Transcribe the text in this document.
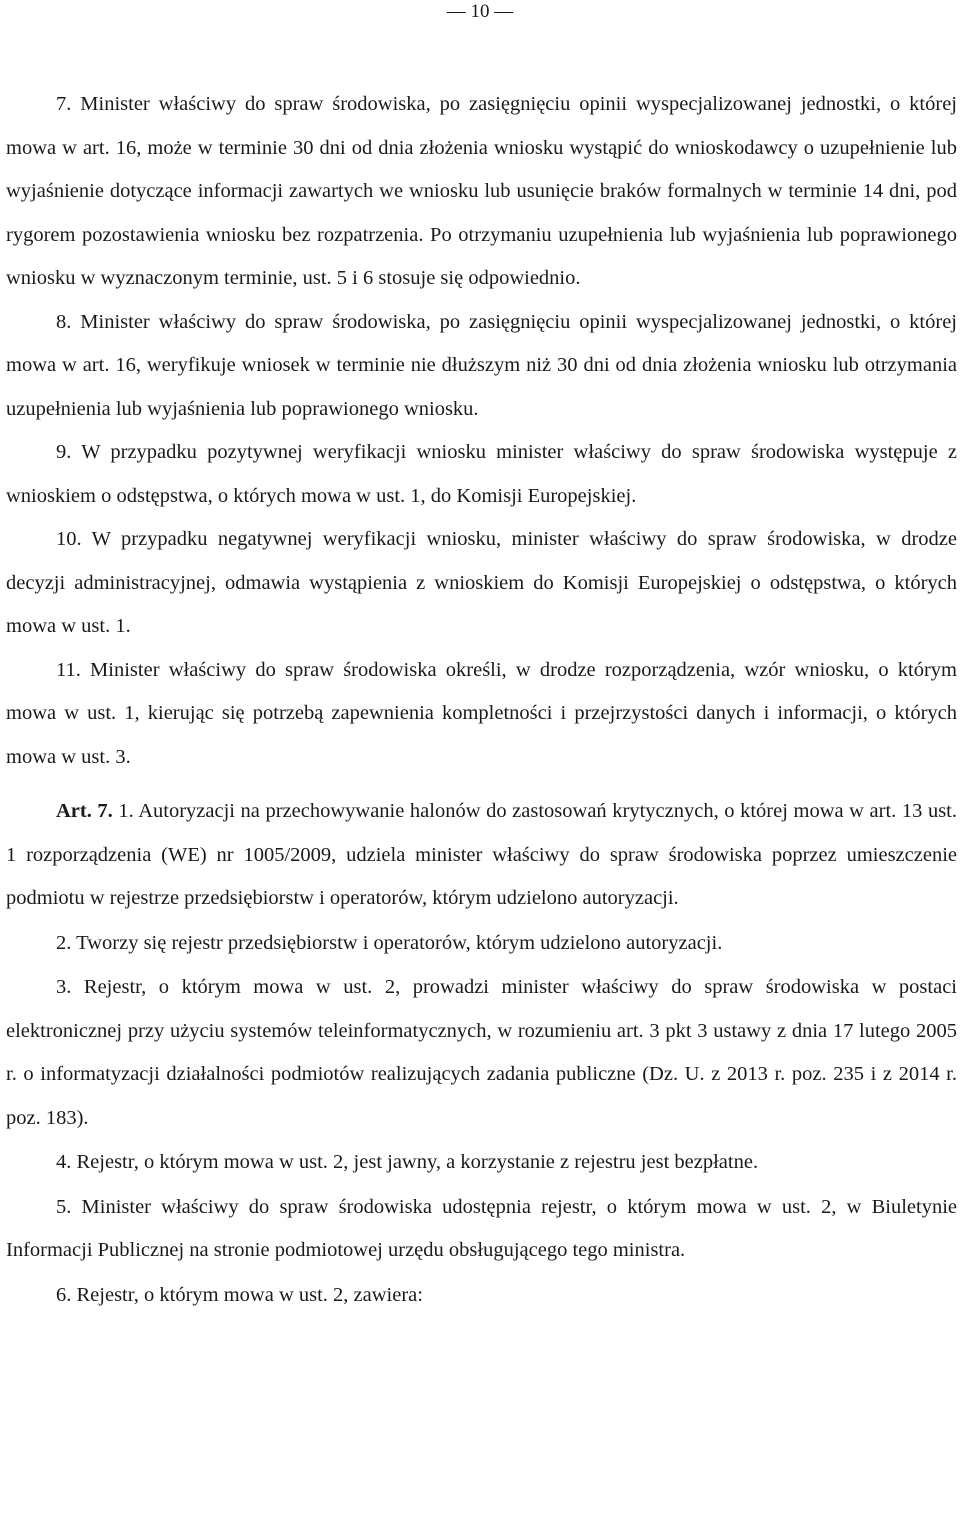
— 10 —

7. Minister właściwy do spraw środowiska, po zasięgnięciu opinii wyspecjalizowanej jednostki, o której mowa w art. 16, może w terminie 30 dni od dnia złożenia wniosku wystąpić do wnioskodawcy o uzupełnienie lub wyjaśnienie dotyczące informacji zawartych we wniosku lub usunięcie braków formalnych w terminie 14 dni, pod rygorem pozostawienia wniosku bez rozpatrzenia. Po otrzymaniu uzupełnienia lub wyjaśnienia lub poprawionego wniosku w wyznaczonym terminie, ust. 5 i 6 stosuje się odpowiednio.

8. Minister właściwy do spraw środowiska, po zasięgnięciu opinii wyspecjalizowanej jednostki, o której mowa w art. 16, weryfikuje wniosek w terminie nie dłuższym niż 30 dni od dnia złożenia wniosku lub otrzymania uzupełnienia lub wyjaśnienia lub poprawionego wniosku.

9. W przypadku pozytywnej weryfikacji wniosku minister właściwy do spraw środowiska występuje z wnioskiem o odstępstwa, o których mowa w ust. 1, do Komisji Europejskiej.

10. W przypadku negatywnej weryfikacji wniosku, minister właściwy do spraw środowiska, w drodze decyzji administracyjnej, odmawia wystąpienia z wnioskiem do Komisji Europejskiej o odstępstwa, o których mowa w ust. 1.

11. Minister właściwy do spraw środowiska określi, w drodze rozporządzenia, wzór wniosku, o którym mowa w ust. 1, kierując się potrzebą zapewnienia kompletności i przejrzystości danych i informacji, o których mowa w ust. 3.

Art. 7. 1. Autoryzacji na przechowywanie halonów do zastosowań krytycznych, o której mowa w art. 13 ust. 1 rozporządzenia (WE) nr 1005/2009, udziela minister właściwy do spraw środowiska poprzez umieszczenie podmiotu w rejestrze przedsiębiorstw i operatorów, którym udzielono autoryzacji.

2. Tworzy się rejestr przedsiębiorstw i operatorów, którym udzielono autoryzacji.

3. Rejestr, o którym mowa w ust. 2, prowadzi minister właściwy do spraw środowiska w postaci elektronicznej przy użyciu systemów teleinformatycznych, w rozumieniu art. 3 pkt 3 ustawy z dnia 17 lutego 2005 r. o informatyzacji działalności podmiotów realizujących zadania publiczne (Dz. U. z 2013 r. poz. 235 i z 2014 r. poz. 183).

4. Rejestr, o którym mowa w ust. 2, jest jawny, a korzystanie z rejestru jest bezpłatne.

5. Minister właściwy do spraw środowiska udostępnia rejestr, o którym mowa w ust. 2, w Biuletynie Informacji Publicznej na stronie podmiotowej urzędu obsługującego tego ministra.

6. Rejestr, o którym mowa w ust. 2, zawiera:
